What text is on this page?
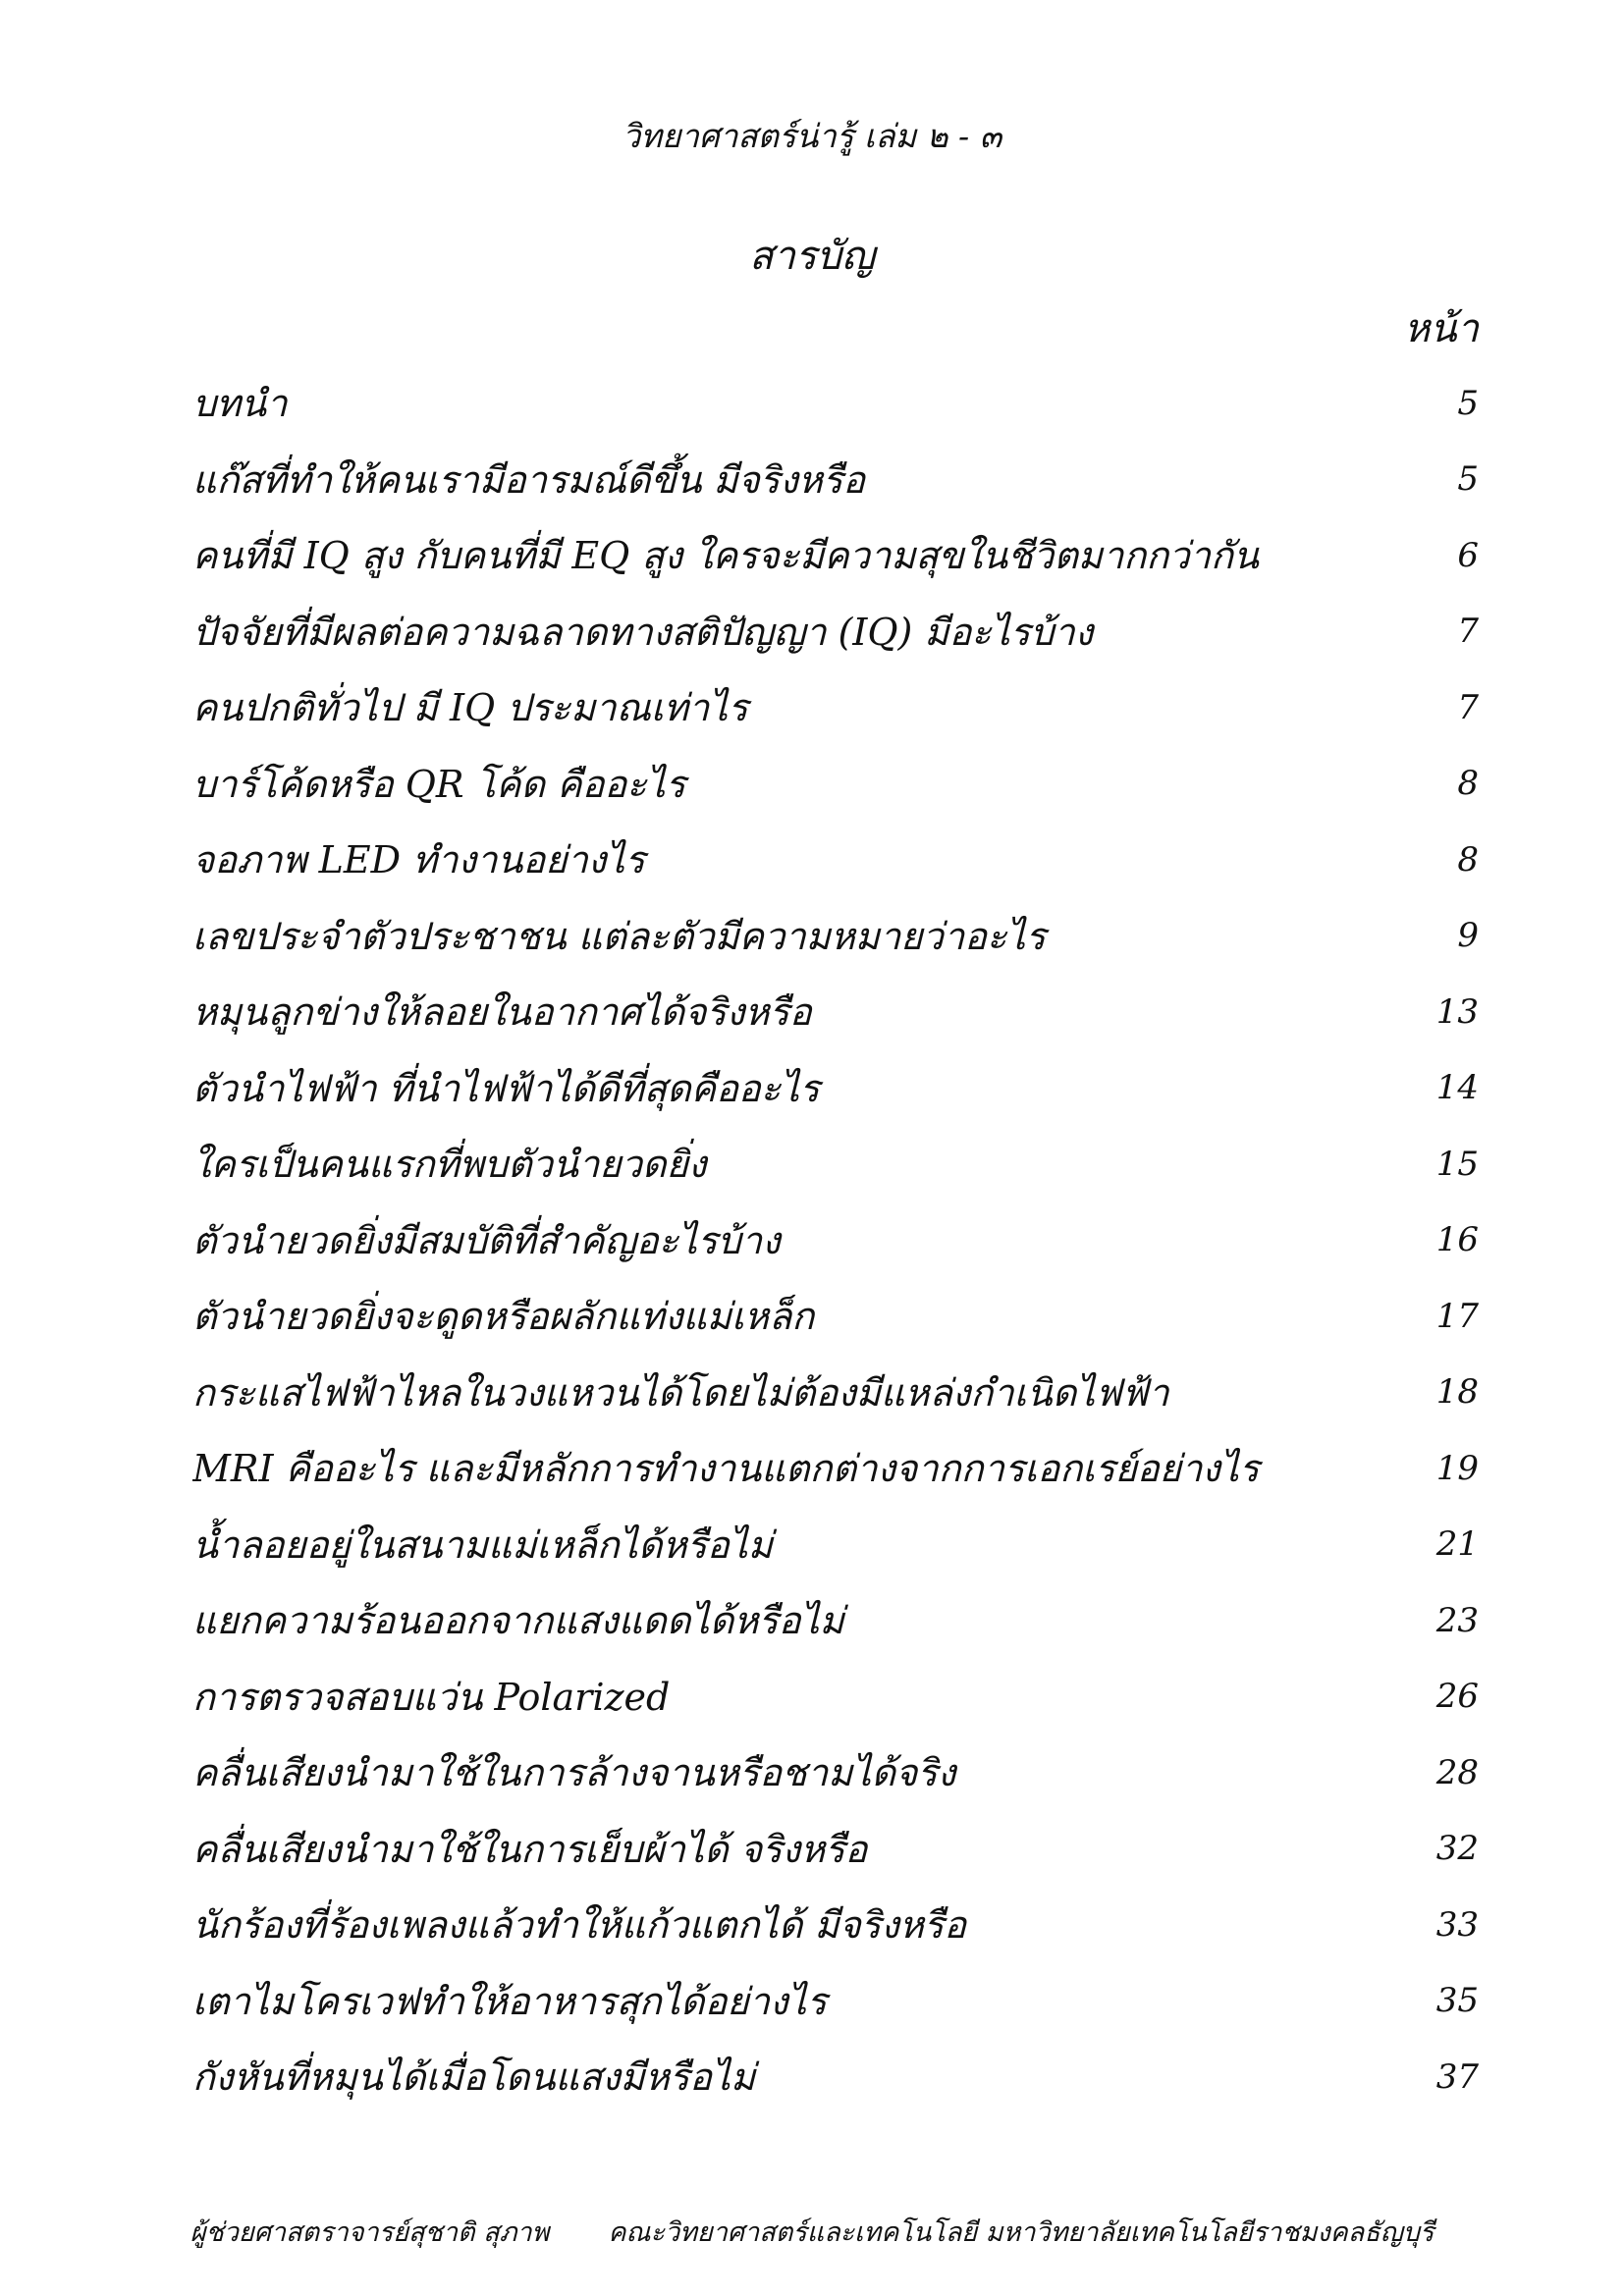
วิทยาศาสตร์น่ารู้ เล่ม ๒ - ๓
สารบัญ
หน้า
บทนำ	5
แก๊สที่ทำให้คนเรามีอารมณ์ดีขึ้น มีจริงหรือ	5
คนที่มี IQ สูง กับคนที่มี EQ สูง ใครจะมีความสุขในชีวิตมากกว่ากัน	6
ปัจจัยที่มีผลต่อความฉลาดทางสติปัญญา (IQ) มีอะไรบ้าง	7
คนปกติทั่วไป มี IQ ประมาณเท่าไร	7
บาร์โค้ดหรือ QR โค้ด คืออะไร	8
จอภาพ LED ทำงานอย่างไร	8
เลขประจำตัวประชาชน แต่ละตัวมีความหมายว่าอะไร	9
หมุนลูกข่างให้ลอยในอากาศได้จริงหรือ	13
ตัวนำไฟฟ้า ที่นำไฟฟ้าได้ดีที่สุดคืออะไร	14
ใครเป็นคนแรกที่พบตัวนำยวดยิ่ง	15
ตัวนำยวดยิ่งมีสมบัติที่สำคัญอะไรบ้าง	16
ตัวนำยวดยิ่งจะดูดหรือผลักแท่งแม่เหล็ก	17
กระแสไฟฟ้าไหลในวงแหวนได้โดยไม่ต้องมีแหล่งกำเนิดไฟฟ้า	18
MRI คืออะไร และมีหลักการทำงานแตกต่างจากการเอกเรย์อย่างไร	19
น้ำลอยอยู่ในสนามแม่เหล็กได้หรือไม่	21
แยกความร้อนออกจากแสงแดดได้หรือไม่	23
การตรวจสอบแว่น Polarized	26
คลื่นเสียงนำมาใช้ในการล้างจานหรือชามได้จริง	28
คลื่นเสียงนำมาใช้ในการเย็บผ้าได้ จริงหรือ	32
นักร้องที่ร้องเพลงแล้วทำให้แก้วแตกได้ มีจริงหรือ	33
เตาไมโครเวฟทำให้อาหารสุกได้อย่างไร	35
กังหันที่หมุนได้เมื่อโดนแสงมีหรือไม่	37
ผู้ช่วยศาสตราจารย์สุชาติ สุภาพ คณะวิทยาศาสตร์และเทคโนโลยี มหาวิทยาลัยเทคโนโลยีราชมงคลธัญบุรี
